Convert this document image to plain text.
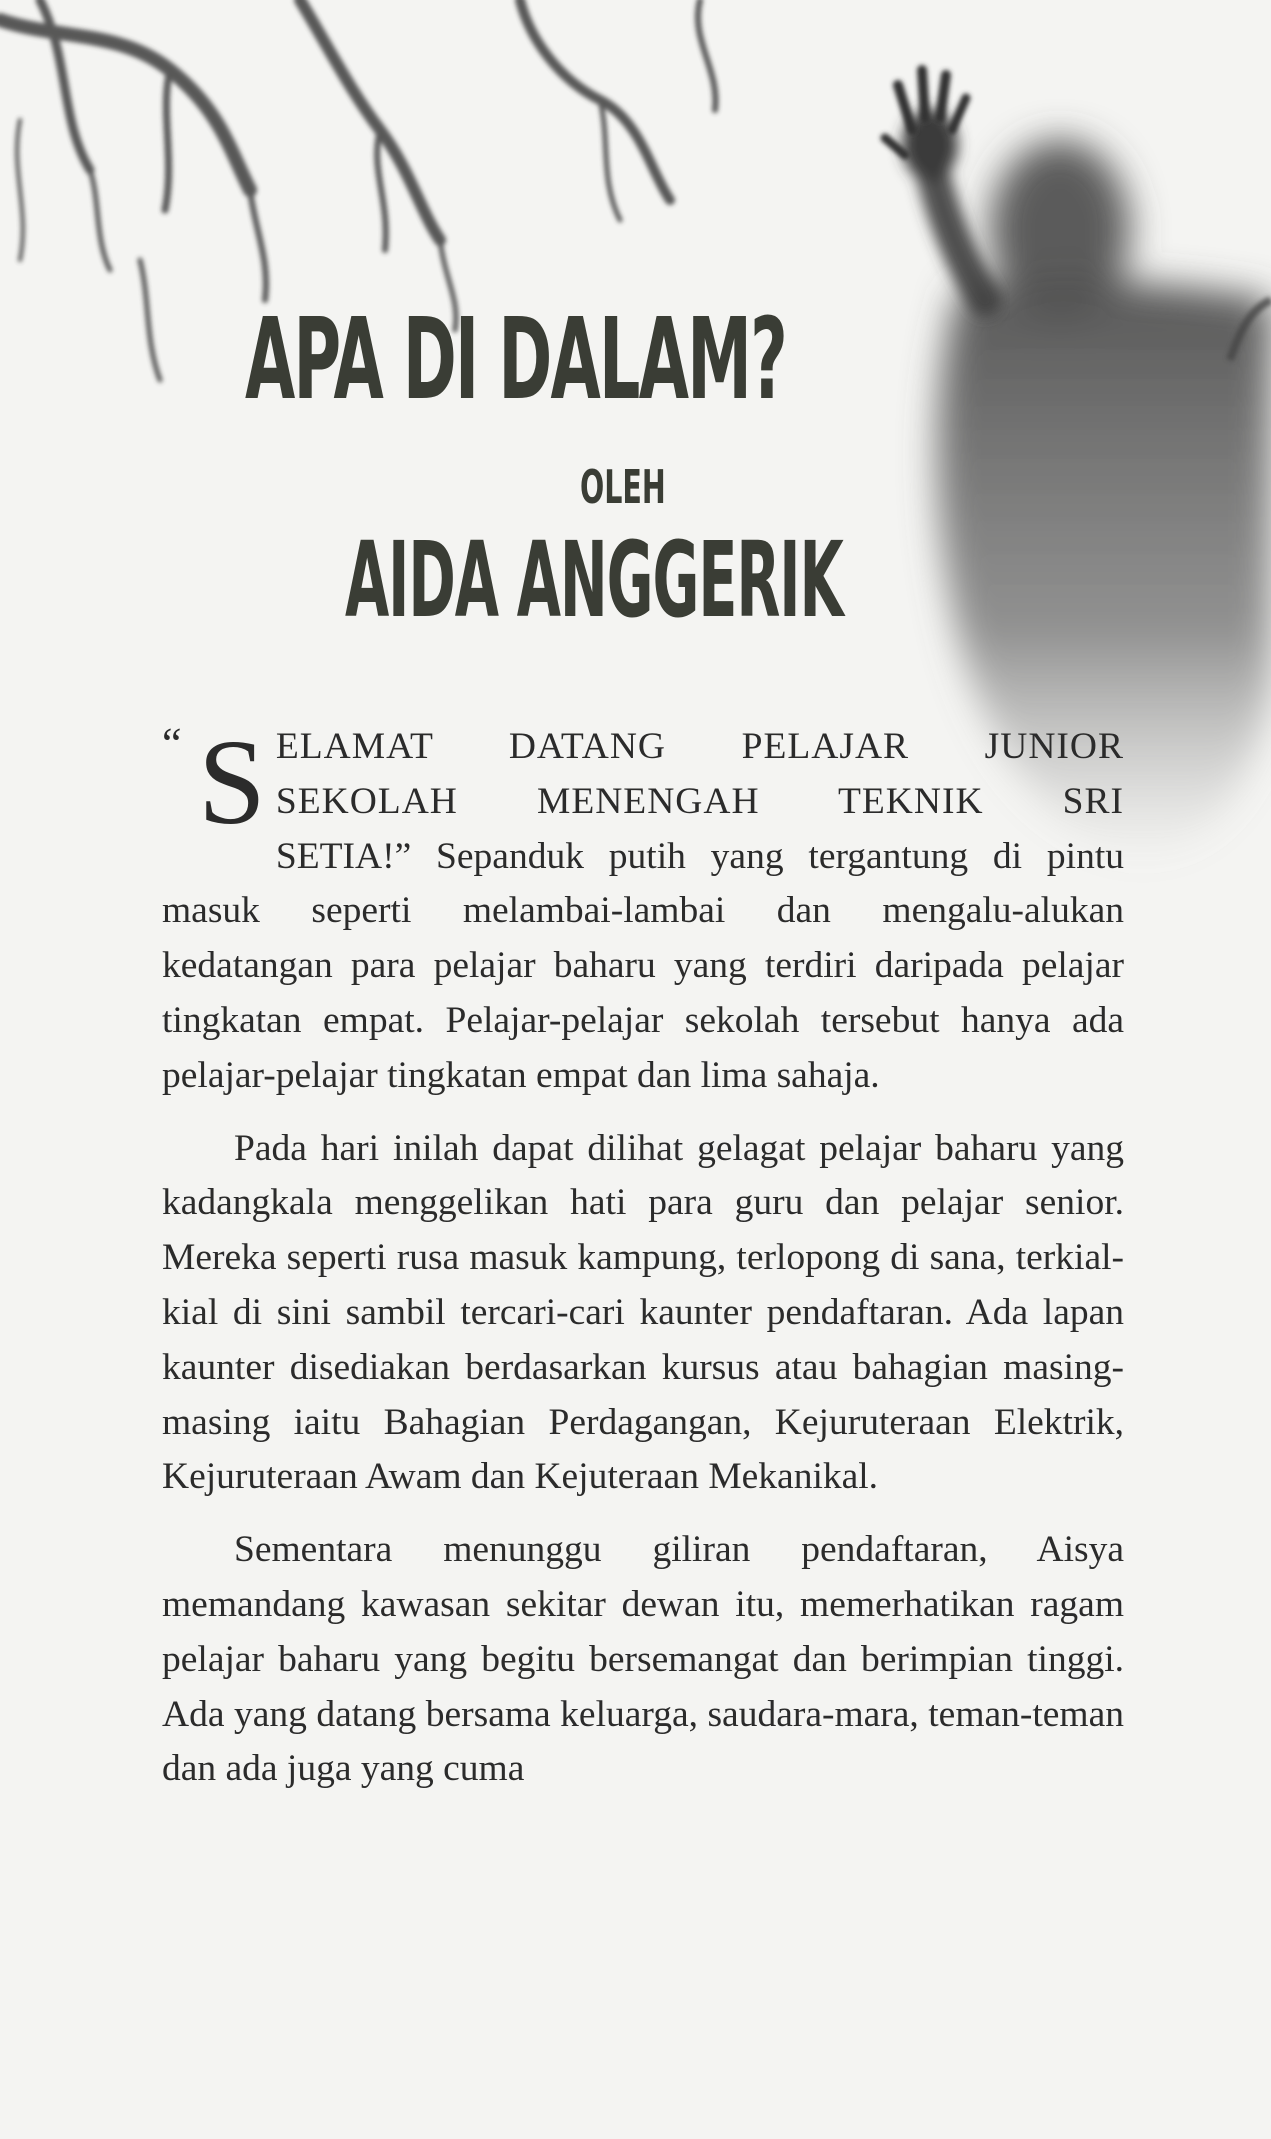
APA DI DALAM?
OLEH
AIDA ANGGERIK

“ S ELAMAT DATANG PELAJAR JUNIOR
SEKOLAH MENENGAH TEKNIK SRI
SETIA!” Sepanduk putih yang tergantung di pintu masuk seperti melambai-lambai dan mengalu-alukan kedatangan para pelajar baharu yang terdiri daripada pelajar tingkatan empat. Pelajar-pelajar sekolah tersebut hanya ada pelajar-pelajar tingkatan empat dan lima sahaja.

Pada hari inilah dapat dilihat gelagat pelajar baharu yang kadangkala menggelikan hati para guru dan pelajar senior. Mereka seperti rusa masuk kampung, terlopong di sana, terkial-kial di sini sambil tercari-cari kaunter pendaftaran. Ada lapan kaunter disediakan berdasarkan kursus atau bahagian masing-masing iaitu Bahagian Perdagangan, Kejuruteraan Elektrik, Kejuruteraan Awam dan Kejuteraan Mekanikal.

Sementara menunggu giliran pendaftaran, Aisya memandang kawasan sekitar dewan itu, memerhatikan ragam pelajar baharu yang begitu bersemangat dan berimpian tinggi. Ada yang datang bersama keluarga, saudara-mara, teman-teman dan ada juga yang cuma
